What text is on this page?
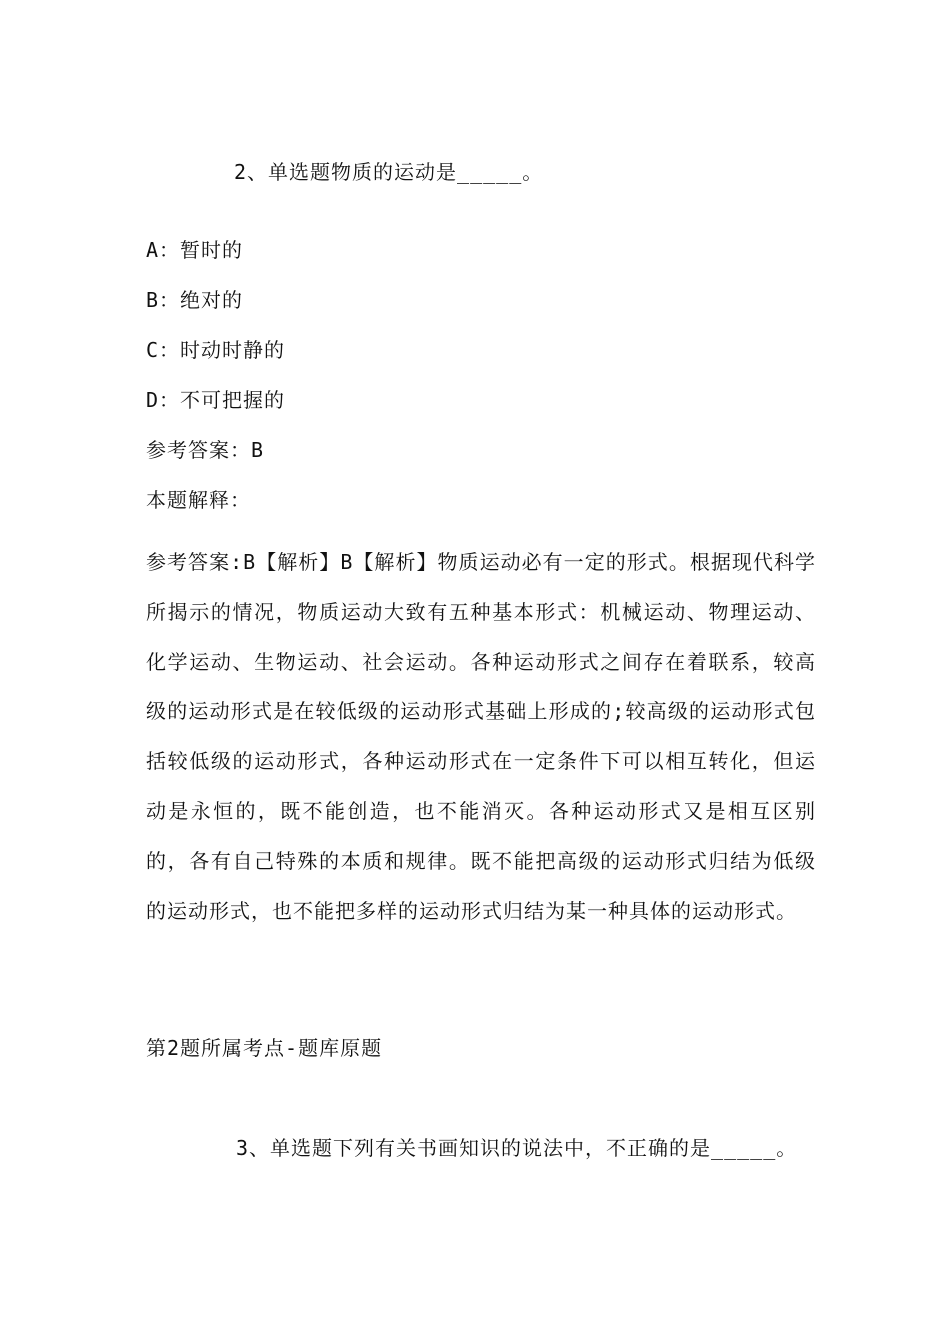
2、单选题物质的运动是_____。
A：暂时的
B：绝对的
C：时动时静的
D：不可把握的
参考答案：B
本题解释：
参考答案:B【解析】B【解析】物质运动必有一定的形式。根据现代科学所揭示的情况，物质运动大致有五种基本形式：机械运动、物理运动、化学运动、生物运动、社会运动。各种运动形式之间存在着联系，较高级的运动形式是在较低级的运动形式基础上形成的;较高级的运动形式包括较低级的运动形式，各种运动形式在一定条件下可以相互转化，但运动是永恒的，既不能创造，也不能消灭。各种运动形式又是相互区别的，各有自己特殊的本质和规律。既不能把高级的运动形式归结为低级的运动形式，也不能把多样的运动形式归结为某一种具体的运动形式。
第2题所属考点-题库原题
3、单选题下列有关书画知识的说法中，不正确的是_____。
